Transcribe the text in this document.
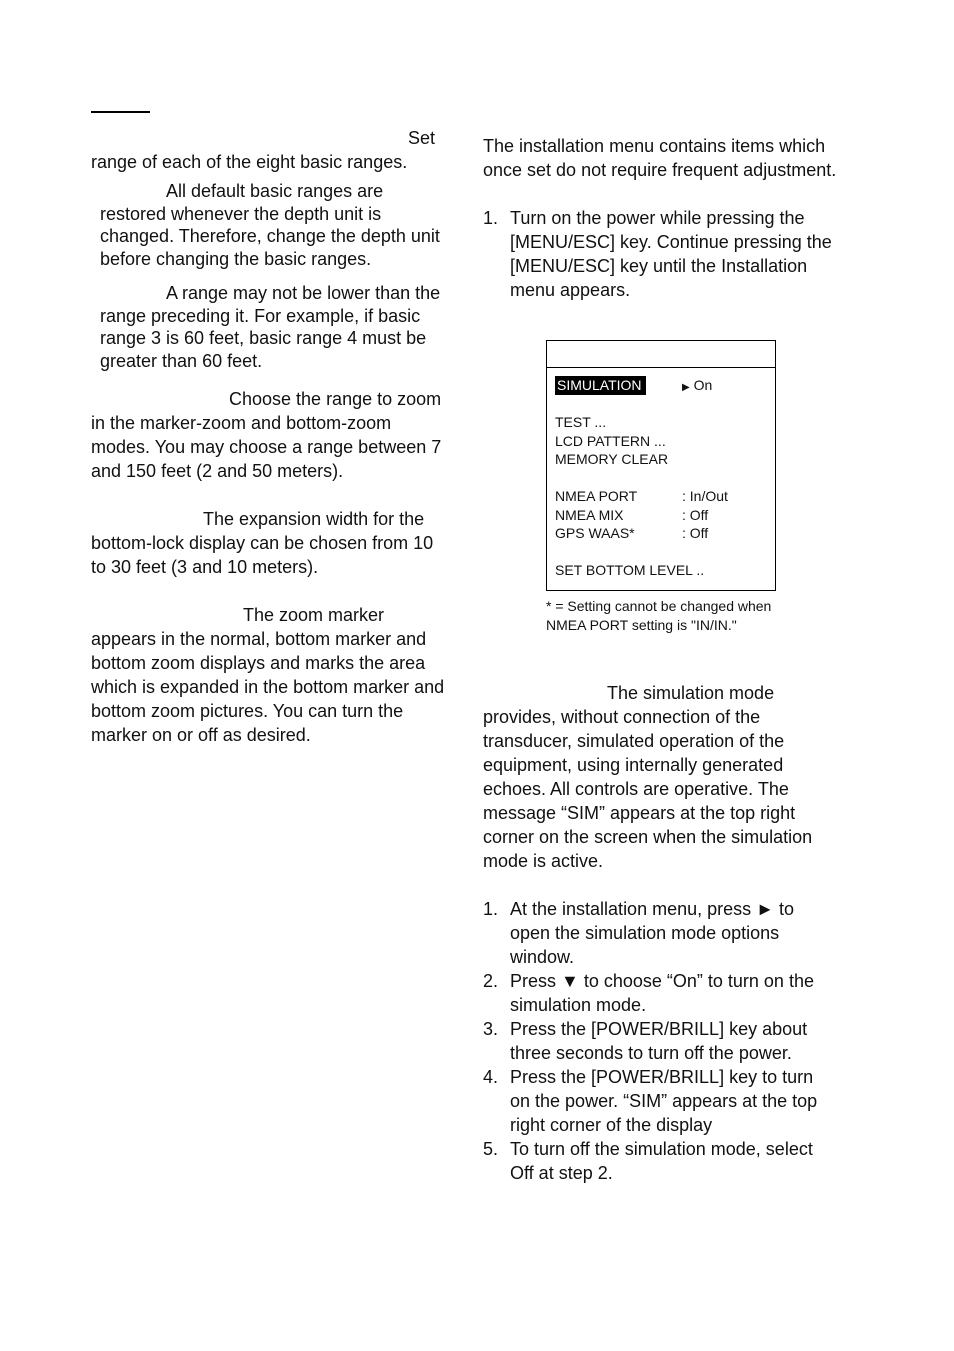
Set
range of each of the eight basic ranges.

All default basic ranges are
restored whenever the depth unit is changed. Therefore, change the depth unit before changing the basic ranges.
A range may not be lower than the
range preceding it. For example, if basic range 3 is 60 feet, basic range 4 must be greater than 60 feet.

Choose the range to zoom
in the marker-zoom and bottom-zoom modes. You may choose a range between 7 and 150 feet (2 and 50 meters).

The expansion width for the
bottom-lock display can be chosen from 10 to 30 feet (3 and 10 meters).

The zoom marker
appears in the normal, bottom marker and bottom zoom displays and marks the area which is expanded in the bottom marker and bottom zoom pictures. You can turn the marker on or off as desired.

The installation menu contains items which once set do not require frequent adjustment.

1. Turn on the power while pressing the [MENU/ESC] key. Continue pressing the [MENU/ESC] key until the Installation menu appears.
SIMULATION	▶ On
TEST ...
LCD PATTERN ...
MEMORY CLEAR
NMEA PORT	: In/Out
NMEA MIX	: Off
GPS WAAS*	: Off
SET BOTTOM LEVEL ..
* = Setting cannot be changed when NMEA PORT setting is "IN/IN."

The simulation mode
provides, without connection of the transducer, simulated operation of the equipment, using internally generated echoes. All controls are operative. The message “SIM” appears at the top right corner on the screen when the simulation mode is active.

1. At the installation menu, press ► to open the simulation mode options window.
2. Press ▼ to choose “On” to turn on the simulation mode.
3. Press the [POWER/BRILL] key about three seconds to turn off the power.
4. Press the [POWER/BRILL] key to turn on the power. “SIM” appears at the top right corner of the display
5. To turn off the simulation mode, select Off at step 2.
